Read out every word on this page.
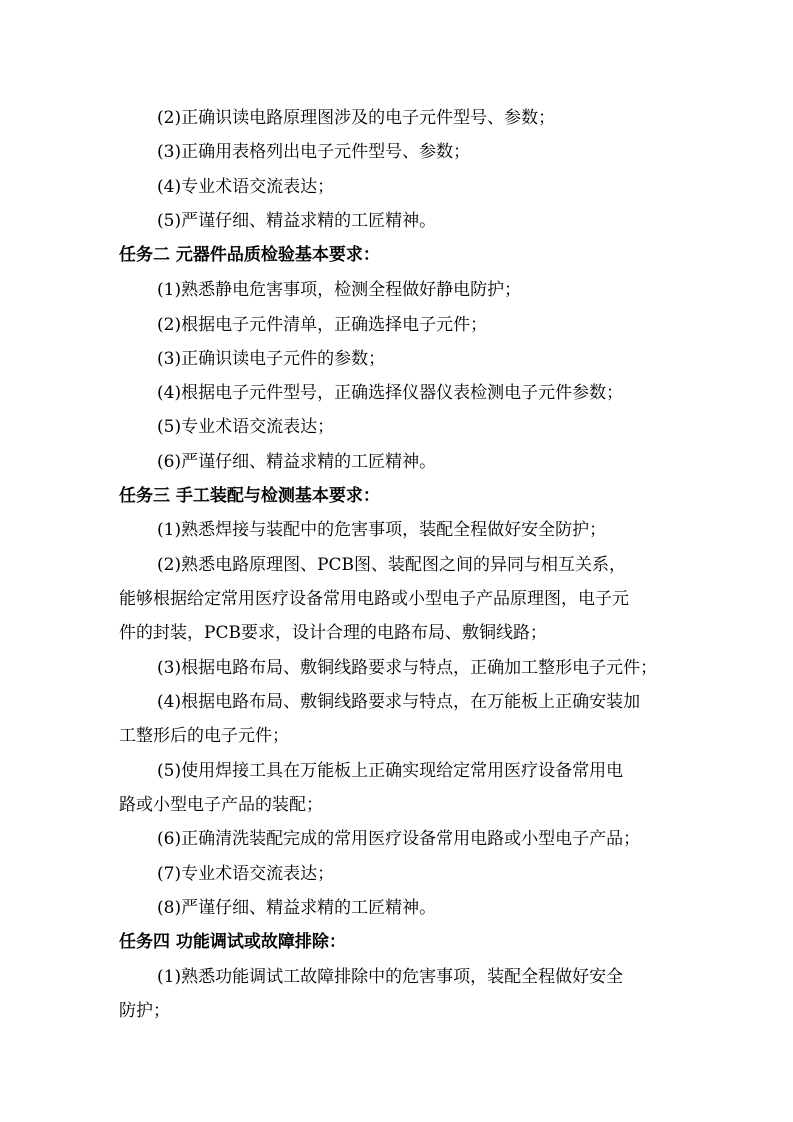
(2)正确识读电路原理图涉及的电子元件型号、参数；
(3)正确用表格列出电子元件型号、参数；
(4)专业术语交流表达；
(5)严谨仔细、精益求精的工匠精神。
任务二 元器件品质检验基本要求：
(1)熟悉静电危害事项，检测全程做好静电防护；
(2)根据电子元件清单，正确选择电子元件；
(3)正确识读电子元件的参数；
(4)根据电子元件型号，正确选择仪器仪表检测电子元件参数；
(5)专业术语交流表达；
(6)严谨仔细、精益求精的工匠精神。
任务三 手工装配与检测基本要求：
(1)熟悉焊接与装配中的危害事项，装配全程做好安全防护；
(2)熟悉电路原理图、PCB图、装配图之间的异同与相互关系，
能够根据给定常用医疗设备常用电路或小型电子产品原理图，电子元
件的封装，PCB要求，设计合理的电路布局、敷铜线路；
(3)根据电路布局、敷铜线路要求与特点，正确加工整形电子元件；
(4)根据电路布局、敷铜线路要求与特点，在万能板上正确安装加
工整形后的电子元件；
(5)使用焊接工具在万能板上正确实现给定常用医疗设备常用电
路或小型电子产品的装配；
(6)正确清洗装配完成的常用医疗设备常用电路或小型电子产品；
(7)专业术语交流表达；
(8)严谨仔细、精益求精的工匠精神。
任务四 功能调试或故障排除：
(1)熟悉功能调试工故障排除中的危害事项，装配全程做好安全
防护；
